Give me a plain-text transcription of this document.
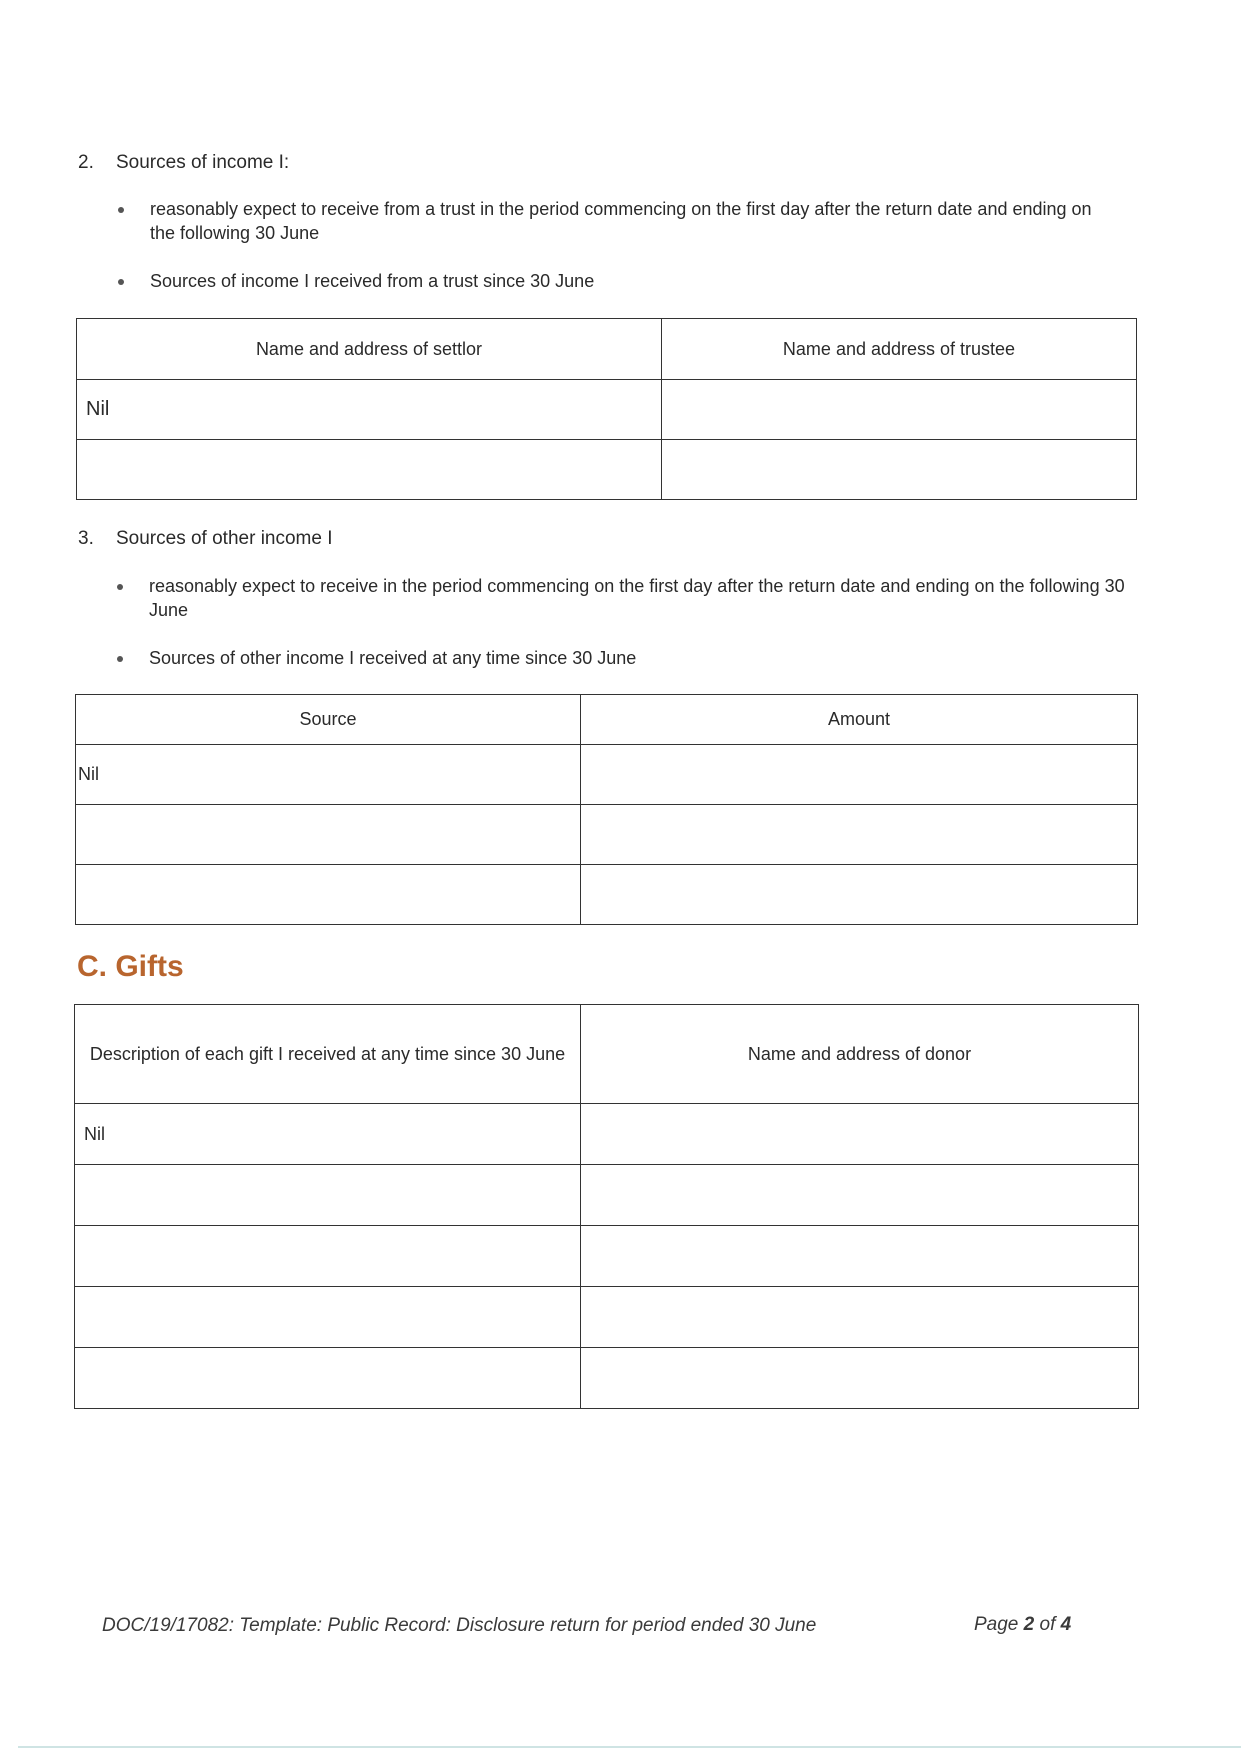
2. Sources of income I:
reasonably expect to receive from a trust in the period commencing on the first day after the return date and ending on the following 30 June
Sources of income I received from a trust since 30 June
Name and address of settlor	Name and address of trustee
Nil	

3. Sources of other income I
reasonably expect to receive in the period commencing on the first day after the return date and ending on the following 30 June
Sources of other income I received at any time since 30 June
Source	Amount
Nil	

C. Gifts
Description of each gift I received at any time since 30 June	Name and address of donor
Nil	

DOC/19/17082: Template: Public Record: Disclosure return for period ended 30 June	Page 2 of 4
